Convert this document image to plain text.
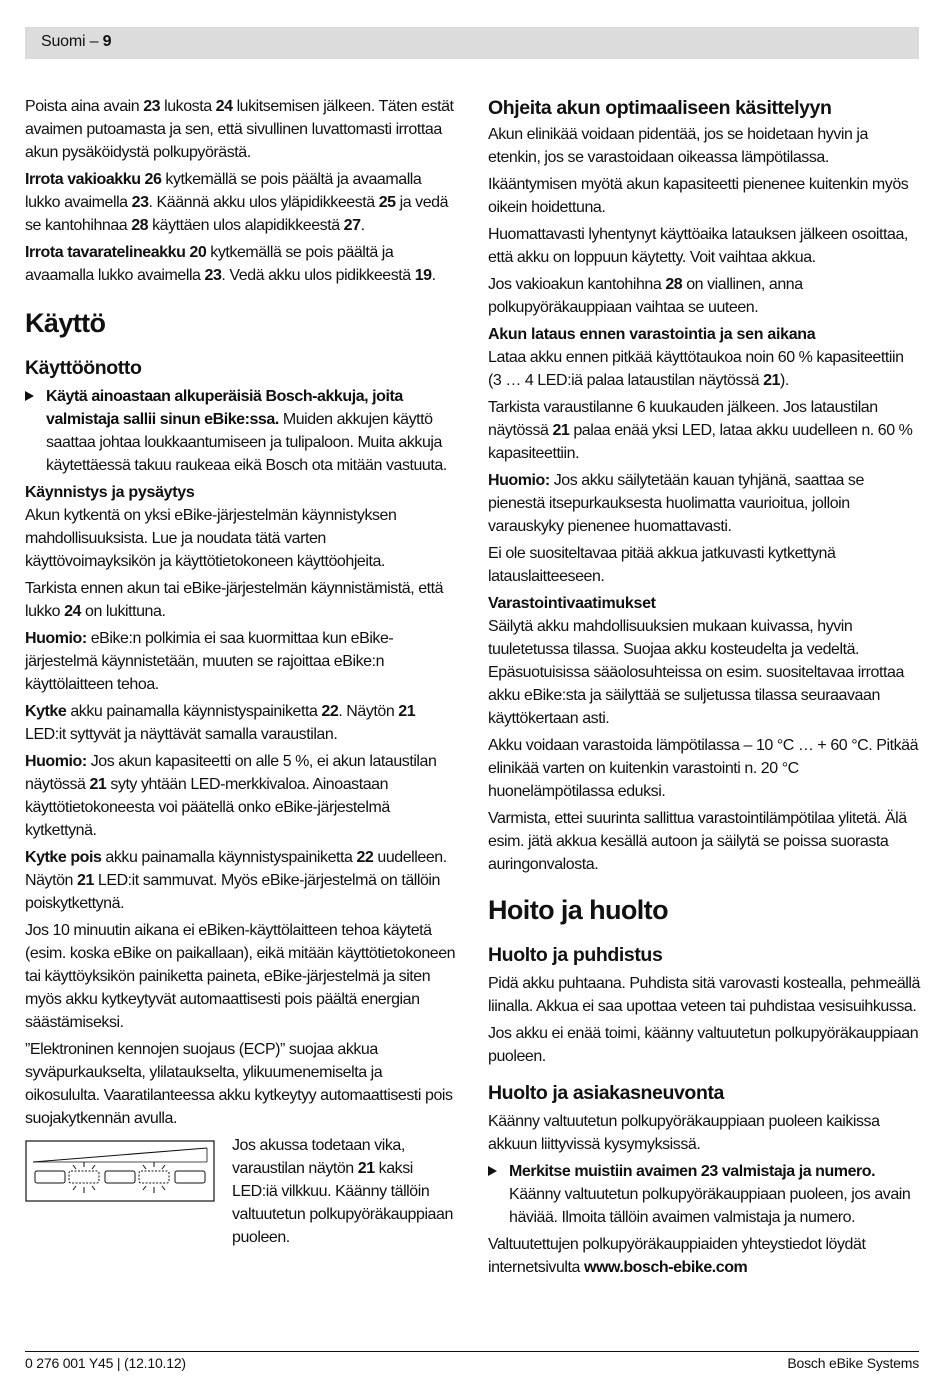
Suomi – 9

Poista aina avain 23 lukosta 24 lukitsemisen jälkeen. Täten estät avaimen putoamasta ja sen, että sivullinen luvattomasti irrottaa akun pysäköidystä polkupyörästä.

Irrota vakioakku 26 kytkemällä se pois päältä ja avaamalla lukko avaimella 23. Käännä akku ulos yläpidikkeestä 25 ja vedä se kantohihnaa 28 käyttäen ulos alapidikkeestä 27.

Irrota tavaratelineakku 20 kytkemällä se pois päältä ja avaamalla lukko avaimella 23. Vedä akku ulos pidikkeestä 19.

Käyttö
Käyttöönotto
Käytä ainoastaan alkuperäisiä Bosch-akkuja, joita valmistaja sallii sinun eBike:ssa. Muiden akkujen käyttö saattaa johtaa loukkaantumiseen ja tulipaloon. Muita akkuja käytettäessä takuu raukeaa eikä Bosch ota mitään vastuuta.
Käynnistys ja pysäytys

Akun kytkentä on yksi eBike-järjestelmän käynnistyksen mahdollisuuksista. Lue ja noudata tätä varten käyttövoimayksikön ja käyttötietokoneen käyttöohjeita.

Tarkista ennen akun tai eBike-järjestelmän käynnistämistä, että lukko 24 on lukittuna.

Huomio: eBike:n polkimia ei saa kuormittaa kun eBike-järjestelmä käynnistetään, muuten se rajoittaa eBike:n käyttölaitteen tehoa.

Kytke akku painamalla käynnistyspainiketta 22. Näytön 21 LED:it syttyvät ja näyttävät samalla varaustilan.

Huomio: Jos akun kapasiteetti on alle 5 %, ei akun lataustilan näytössä 21 syty yhtään LED-merkkivaloa. Ainoastaan käyttötietokoneesta voi päätellä onko eBike-järjestelmä kytkettynä.

Kytke pois akku painamalla käynnistyspainiketta 22 uudelleen. Näytön 21 LED:it sammuvat. Myös eBike-järjestelmä on tällöin poiskytkettynä.

Jos 10 minuutin aikana ei eBiken-käyttölaitteen tehoa käytetä (esim. koska eBike on paikallaan), eikä mitään käyttötietokoneen tai käyttöyksikön painiketta paineta, eBike-järjestelmä ja siten myös akku kytkeytyvät automaattisesti pois päältä energian säästämiseksi.

”Elektroninen kennojen suojaus (ECP)” suojaa akkua syväpurkaukselta, ylilataukselta, ylikuumenemiselta ja oikosululta. Vaaratilanteessa akku kytkeytyy automaattisesti pois suojakytkennän avulla.

Jos akussa todetaan vika, varaustilan näytön 21 kaksi LED:iä vilkkuu. Käänny tällöin valtuutetun polkupyöräkauppiaan puoleen.
Ohjeita akun optimaaliseen käsittelyyn

Akun elinikää voidaan pidentää, jos se hoidetaan hyvin ja etenkin, jos se varastoidaan oikeassa lämpötilassa.

Ikääntymisen myötä akun kapasiteetti pienenee kuitenkin myös oikein hoidettuna.

Huomattavasti lyhentynyt käyttöaika latauksen jälkeen osoittaa, että akku on loppuun käytetty. Voit vaihtaa akkua.

Jos vakioakun kantohihna 28 on viallinen, anna polkupyöräkauppiaan vaihtaa se uuteen.

Akun lataus ennen varastointia ja sen aikana

Lataa akku ennen pitkää käyttötaukoa noin 60 % kapasiteettiin (3 … 4 LED:iä palaa lataustilan näytössä 21).

Tarkista varaustilanne 6 kuukauden jälkeen. Jos lataustilan näytössä 21 palaa enää yksi LED, lataa akku uudelleen n. 60 % kapasiteettiin.

Huomio: Jos akku säilytetään kauan tyhjänä, saattaa se pienestä itsepurkauksesta huolimatta vaurioitua, jolloin varauskyky pienenee huomattavasti.

Ei ole suositeltavaa pitää akkua jatkuvasti kytkettynä latauslaitteeseen.

Varastointivaatimukset

Säilytä akku mahdollisuuksien mukaan kuivassa, hyvin tuuletetussa tilassa. Suojaa akku kosteudelta ja vedeltä. Epäsuotuisissa sääolosuhteissa on esim. suositeltavaa irrottaa akku eBike:sta ja säilyttää se suljetussa tilassa seuraavaan käyttökertaan asti.

Akku voidaan varastoida lämpötilassa – 10 °C … + 60 °C. Pitkää elinikää varten on kuitenkin varastointi n. 20 °C huonelämpötilassa eduksi.

Varmista, ettei suurinta sallittua varastointilämpötilaa ylitetä. Älä esim. jätä akkua kesällä autoon ja säilytä se poissa suorasta auringonvalosta.

Hoito ja huolto
Huolto ja puhdistus

Pidä akku puhtaana. Puhdista sitä varovasti kostealla, pehmeällä liinalla. Akkua ei saa upottaa veteen tai puhdistaa vesisuihkussa.

Jos akku ei enää toimi, käänny valtuutetun polkupyöräkauppiaan puoleen.

Huolto ja asiakasneuvonta

Käänny valtuutetun polkupyöräkauppiaan puoleen kaikissa akkuun liittyvissä kysymyksissä.

Merkitse muistiin avaimen 23 valmistaja ja numero. Käänny valtuutetun polkupyöräkauppiaan puoleen, jos avain häviää. Ilmoita tällöin avaimen valmistaja ja numero.

Valtuutettujen polkupyöräkauppiaiden yhteystiedot löydät internetsivulta www.bosch-ebike.com

0 276 001 Y45 | (12.10.12)	Bosch eBike Systems
